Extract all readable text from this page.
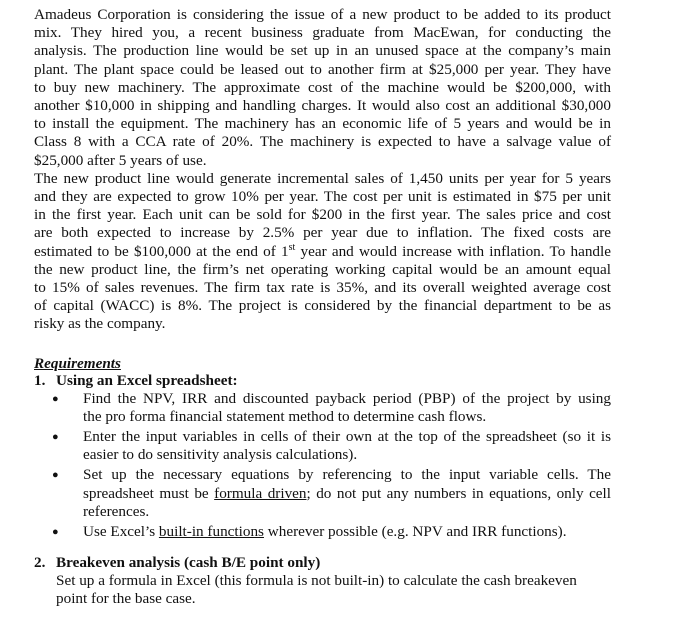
Amadeus Corporation is considering the issue of a new product to be added to its product
mix. They hired you, a recent business graduate from MacEwan, for conducting the
analysis. The production line would be set up in an unused space at the company’s main
plant. The plant space could be leased out to another firm at $25,000 per year. They have
to buy new machinery. The approximate cost of the machine would be $200,000, with
another $10,000 in shipping and handling charges. It would also cost an additional $30,000
to install the equipment. The machinery has an economic life of 5 years and would be in
Class 8 with a CCA rate of 20%. The machinery is expected to have a salvage value of
$25,000 after 5 years of use.
The new product line would generate incremental sales of 1,450 units per year for 5 years
and they are expected to grow 10% per year. The cost per unit is estimated in $75 per unit
in the first year. Each unit can be sold for $200 in the first year. The sales price and cost
are both expected to increase by 2.5% per year due to inflation. The fixed costs are
estimated to be $100,000 at the end of 1st year and would increase with inflation. To handle
the new product line, the firm’s net operating working capital would be an amount equal
to 15% of sales revenues. The firm tax rate is 35%, and its overall weighted average cost
of capital (WACC) is 8%. The project is considered by the financial department to be as
risky as the company.
Requirements
1. Using an Excel spreadsheet:
●	Find the NPV, IRR and discounted payback period (PBP) of the project by using
the pro forma financial statement method to determine cash flows.
●	Enter the input variables in cells of their own at the top of the spreadsheet (so it is
easier to do sensitivity analysis calculations).
●	Set up the necessary equations by referencing to the input variable cells. The
spreadsheet must be formula driven; do not put any numbers in equations, only cell
references.
●	Use Excel’s built-in functions wherever possible (e.g. NPV and IRR functions).
2. Breakeven analysis (cash B/E point only)
Set up a formula in Excel (this formula is not built-in) to calculate the cash breakeven
point for the base case.
